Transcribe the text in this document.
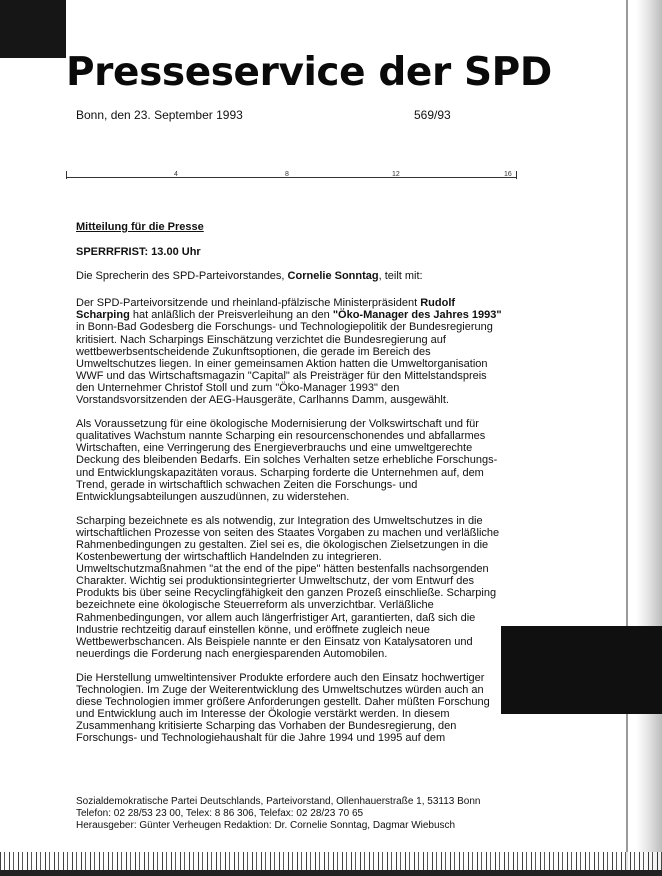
Presseservice der SPD
Bonn, den 23. September 1993	569/93
4	8	12	16

Mitteilung für die Presse

SPERRFRIST: 13.00 Uhr

Die Sprecherin des SPD-Parteivorstandes, Cornelie Sonntag, teilt mit:

Der SPD-Parteivorsitzende und rheinland-pfälzische Ministerpräsident Rudolf Scharping hat anläßlich der Preisverleihung an den "Öko-Manager des Jahres 1993" in Bonn-Bad Godesberg die Forschungs- und Technologiepolitik der Bundesregierung kritisiert. Nach Scharpings Einschätzung verzichtet die Bundesregierung auf wettbewerbsentscheidende Zukunftsoptionen, die gerade im Bereich des Umweltschutzes liegen. In einer gemeinsamen Aktion hatten die Umweltorganisation WWF und das Wirtschaftsmagazin "Capital" als Preisträger für den Mittelstandspreis den Unternehmer Christof Stoll und zum "Öko-Manager 1993" den Vorstandsvorsitzenden der AEG-Hausgeräte, Carlhanns Damm, ausgewählt.

Als Voraussetzung für eine ökologische Modernisierung der Volkswirtschaft und für qualitatives Wachstum nannte Scharping ein resourcenschonendes und abfallarmes Wirtschaften, eine Verringerung des Energieverbrauchs und eine umweltgerechte Deckung des bleibenden Bedarfs. Ein solches Verhalten setze erhebliche Forschungs- und Entwicklungskapazitäten voraus. Scharping forderte die Unternehmen auf, dem Trend, gerade in wirtschaftlich schwachen Zeiten die Forschungs- und Entwicklungsabteilungen auszudünnen, zu widerstehen.

Scharping bezeichnete es als notwendig, zur Integration des Umweltschutzes in die wirtschaftlichen Prozesse von seiten des Staates Vorgaben zu machen und verläßliche Rahmenbedingungen zu gestalten. Ziel sei es, die ökologischen Zielsetzungen in die Kostenbewertung der wirtschaftlich Handelnden zu integrieren. Umweltschutzmaßnahmen "at the end of the pipe" hätten bestenfalls nachsorgenden Charakter. Wichtig sei produktionsintegrierter Umweltschutz, der vom Entwurf des Produkts bis über seine Recyclingfähigkeit den ganzen Prozeß einschließe. Scharping bezeichnete eine ökologische Steuerreform als unverzichtbar. Verläßliche Rahmenbedingungen, vor allem auch längerfristiger Art, garantierten, daß sich die Industrie rechtzeitig darauf einstellen könne, und eröffnete zugleich neue Wettbewerbschancen. Als Beispiele nannte er den Einsatz von Katalysatoren und neuerdings die Forderung nach energiesparenden Automobilen.

Die Herstellung umweltintensiver Produkte erfordere auch den Einsatz hochwertiger Technologien. Im Zuge der Weiterentwicklung des Umweltschutzes würden auch an diese Technologien immer größere Anforderungen gestellt. Daher müßten Forschung und Entwicklung auch im Interesse der Ökologie verstärkt werden. In diesem Zusammenhang kritisierte Scharping das Vorhaben der Bundesregierung, den Forschungs- und Technologiehaushalt für die Jahre 1994 und 1995 auf dem

Sozialdemokratische Partei Deutschlands, Parteivorstand, Ollenhauerstraße 1, 53113 Bonn
Telefon: 02 28/53 23 00, Telex: 8 86 306, Telefax: 02 28/23 70 65
Herausgeber: Günter Verheugen Redaktion: Dr. Cornelie Sonntag, Dagmar Wiebusch
